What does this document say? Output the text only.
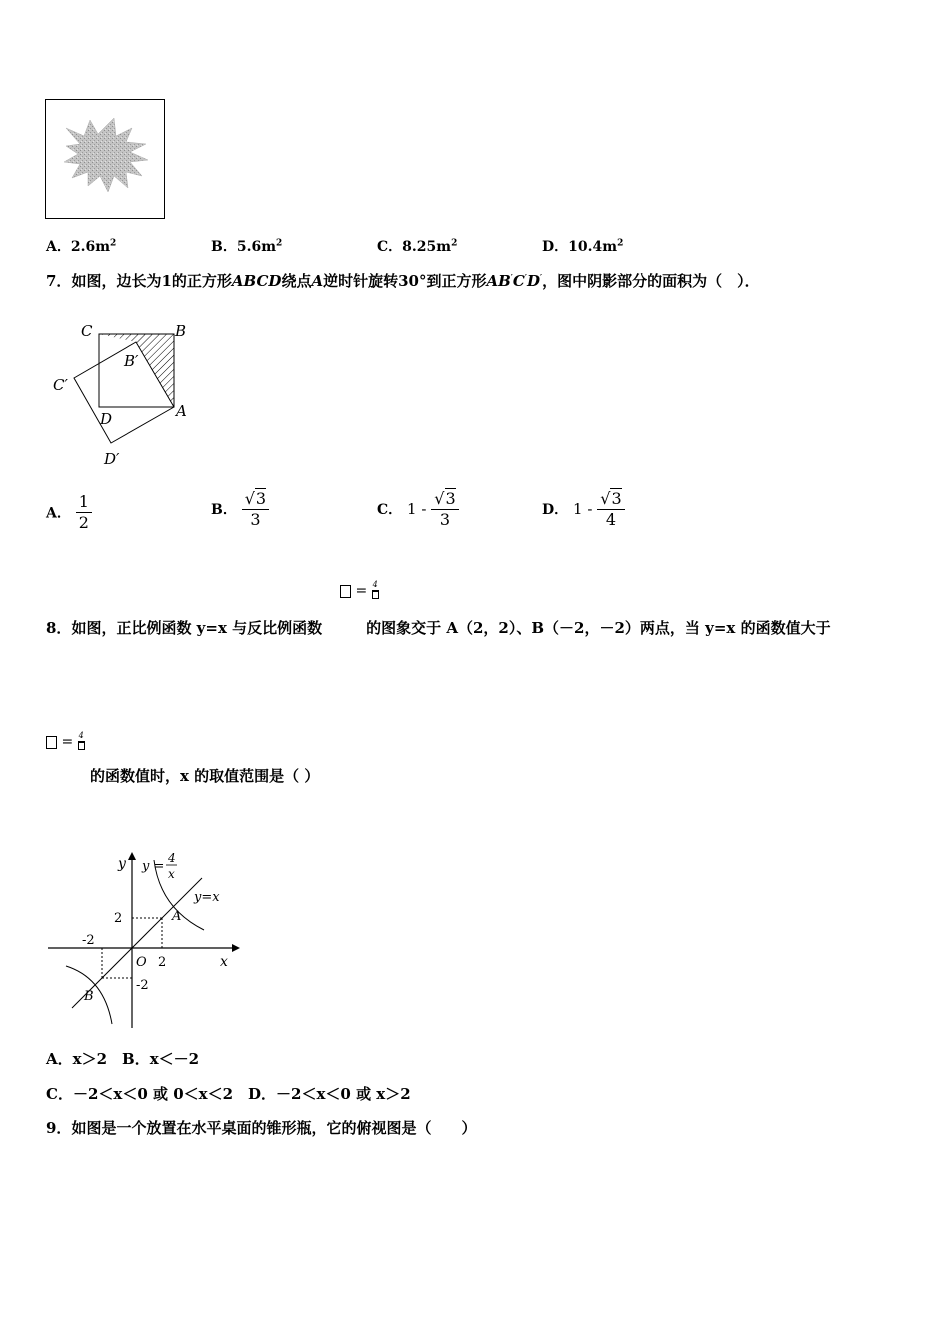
A．$2.6m^2$	B．$5.6m^2$	C．$8.25m^2$	D．$10.4m^2$
7．如图，边长为1的正方形ABCD绕点A逆时针旋转30°到正方形AB′C′D′，图中阴影部分的面积为（　）．
C	B
B′
C′
D	A
D′
A． $\frac{1}{2}$	B． $\frac{√3}{3}$	C． $1 - \frac{√3}{3}$	D． $1 - \frac{√3}{4}$
= 4
8．如图，正比例函数 y=x 与反比例函数	的图象交于 A（2，2）、B（－2，－2）两点，当 y=x 的函数值大于
= 4
的函数值时，x 的取值范围是（ ）
y y =
4
x
y=x
2	A
-2
O 2	x
-2
B
A．x＞2　B．x＜－2
C．－2＜x＜0 或 0＜x＜2　D．－2＜x＜0 或 x＞2
9．如图是一个放置在水平桌面的锥形瓶，它的俯视图是（　　）
